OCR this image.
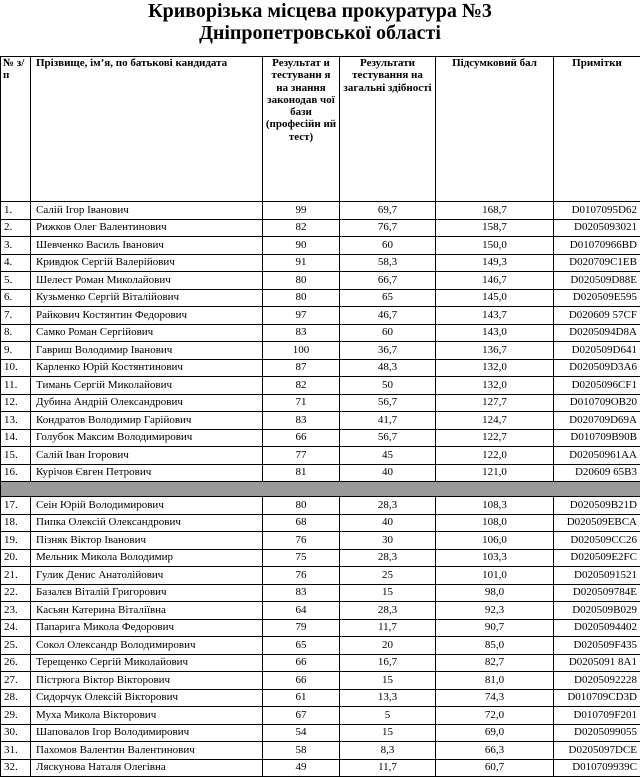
Криворізька місцева прокуратура №3
Дніпропетровської області
№ з/п	Прізвище, ім’я, по батькові кандидата	Результат и тестуванн я на знання законодав чої бази (професійн ий тест)	Результати тестування на загальні здібності	Підсумковий бал	Примітки
1.	Салій Ігор Іванович	99	69,7	168,7	D0107095D62
2.	Рижков Олег Валентинович	82	76,7	158,7	D0205093021
3.	Шевченко Василь Іванович	90	60	150,0	D01070966BD
4.	Кривдюк Сергій Валерійович	91	58,3	149,3	D020709C1EB
5.	Шелест Роман Миколайович	80	66,7	146,7	D020509D88E
6.	Кузьменко Сергій Віталійович	80	65	145,0	D020509E595
7.	Райкович Костянтин Федорович	97	46,7	143,7	D020609 57CF
8.	Самко Роман Сергійович	83	60	143,0	D0205094D8A
9.	Гавриш Володимир Іванович	100	36,7	136,7	D020509D641
10.	Карленко Юрій Костянтинович	87	48,3	132,0	D020509D3A6
11.	Тимань Сергій Миколайович	82	50	132,0	D0205096CF1
12.	Дубина Андрій Олександрович	71	56,7	127,7	D010709OB20
13.	Кондратов Володимир Гарійович	83	41,7	124,7	D020709D69A
14.	Голубок Максим Володимирович	66	56,7	122,7	D010709B90B
15.	Салій Іван Ігорович	77	45	122,0	D02050961AA
16.	Курічов Євген Петрович	81	40	121,0	D20609 65B3

17.	Сеін Юрій Володимирович	80	28,3	108,3	D020509B21D
18.	Пипка Олексій Олександрович	68	40	108,0	D020509EBCA
19.	Пізняк Віктор Іванович	76	30	106,0	D020509CC26
20.	Мельник Микола Володимир	75	28,3	103,3	D020509E2FC
21.	Гулик Денис Анатолійович	76	25	101,0	D0205091521
22.	Базалєв Віталій Григорович	83	15	98,0	D020509784E
23.	Касьян Катерина Віталіївна	64	28,3	92,3	D020509B029
24.	Папарига Микола Федорович	79	11,7	90,7	D0205094402
25.	Сокол Олександр Володимирович	65	20	85,0	D020509F435
26.	Терещенко Сергій Миколайович	66	16,7	82,7	D0205091 8A1
27.	Пістрюга Віктор Вікторович	66	15	81,0	D0205092228
28.	Сидорчук Олексій Вікторович	61	13,3	74,3	D010709CD3D
29.	Муха Микола Вікторович	67	5	72,0	D010709F201
30.	Шаповалов Ігор Володимирович	54	15	69,0	D0205099055
31.	Пахомов Валентин Валентинович	58	8,3	66,3	D0205097DCE
32.	Ляскунова Наталя Олегівна	49	11,7	60,7	D010709939C
